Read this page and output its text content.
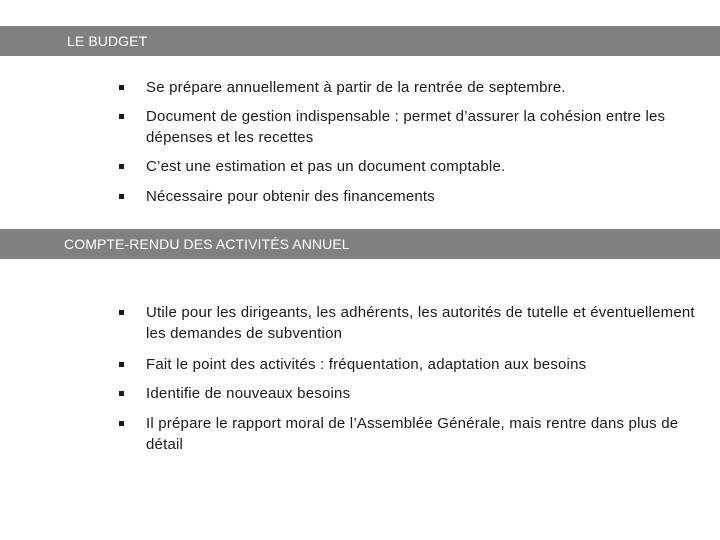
LE BUDGET
Se prépare annuellement à partir de la rentrée de septembre.
Document de gestion indispensable : permet d’assurer la cohésion entre les dépenses et les recettes
C’est une estimation et pas un document comptable.
Nécessaire pour obtenir des financements
COMPTE-RENDU DES ACTIVITÉS ANNUEL
Utile pour les dirigeants, les adhérents, les autorités de tutelle et éventuellement les demandes de subvention
Fait le point des activités : fréquentation, adaptation aux besoins
Identifie de nouveaux besoins
Il prépare le rapport moral de l’Assemblée Générale, mais rentre dans plus de détail
